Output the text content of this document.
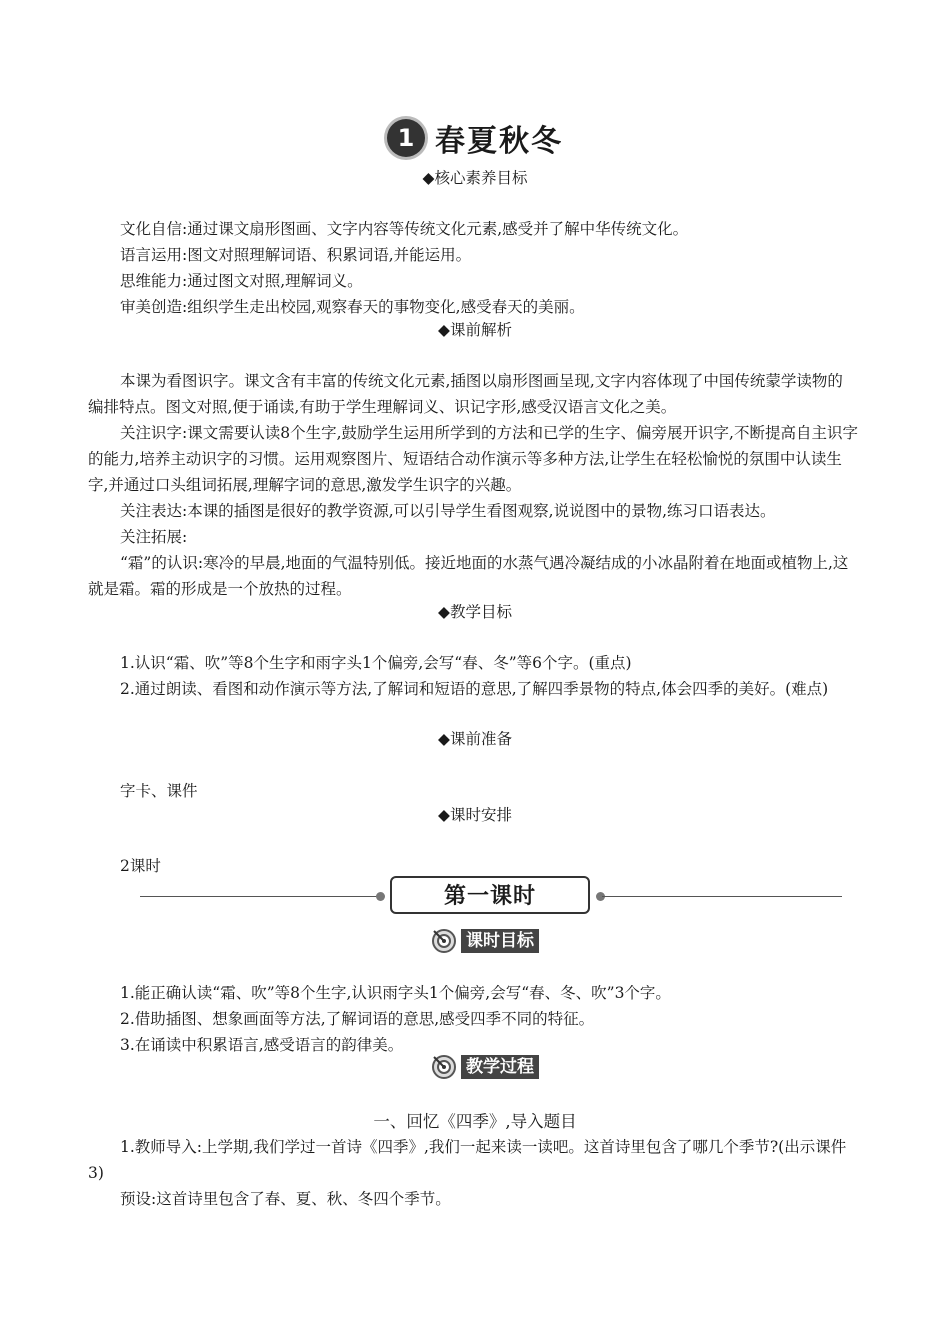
1 春夏秋冬

◆核心素养目标

文化自信:通过课文扇形图画、文字内容等传统文化元素,感受并了解中华传统文化。

语言运用:图文对照理解词语、积累词语,并能运用。

思维能力:通过图文对照,理解词义。

审美创造:组织学生走出校园,观察春天的事物变化,感受春天的美丽。

◆课前解析

本课为看图识字。课文含有丰富的传统文化元素,插图以扇形图画呈现,文字内容体现了中国传统蒙学读物的编排特点。图文对照,便于诵读,有助于学生理解词义、识记字形,感受汉语言文化之美。

关注识字:课文需要认读8个生字,鼓励学生运用所学到的方法和已学的生字、偏旁展开识字,不断提高自主识字的能力,培养主动识字的习惯。运用观察图片、短语结合动作演示等多种方法,让学生在轻松愉悦的氛围中认读生字,并通过口头组词拓展,理解字词的意思,激发学生识字的兴趣。

关注表达:本课的插图是很好的教学资源,可以引导学生看图观察,说说图中的景物,练习口语表达。

关注拓展:

“霜”的认识:寒冷的早晨,地面的气温特别低。接近地面的水蒸气遇冷凝结成的小冰晶附着在地面或植物上,这就是霜。霜的形成是一个放热的过程。

◆教学目标

1.认识“霜、吹”等8个生字和雨字头1个偏旁,会写“春、冬”等6个字。(重点)

2.通过朗读、看图和动作演示等方法,了解词和短语的意思,了解四季景物的特点,体会四季的美好。(难点)

◆课前准备

字卡、课件

◆课时安排

2课时

第一课时
课时目标

1.能正确认读“霜、吹”等8个生字,认识雨字头1个偏旁,会写“春、冬、吹”3个字。

2.借助插图、想象画面等方法,了解词语的意思,感受四季不同的特征。

3.在诵读中积累语言,感受语言的韵律美。

教学过程

一、回忆《四季》,导入题目

1.教师导入:上学期,我们学过一首诗《四季》,我们一起来读一读吧。这首诗里包含了哪几个季节?(出示课件3)

预设:这首诗里包含了春、夏、秋、冬四个季节。
